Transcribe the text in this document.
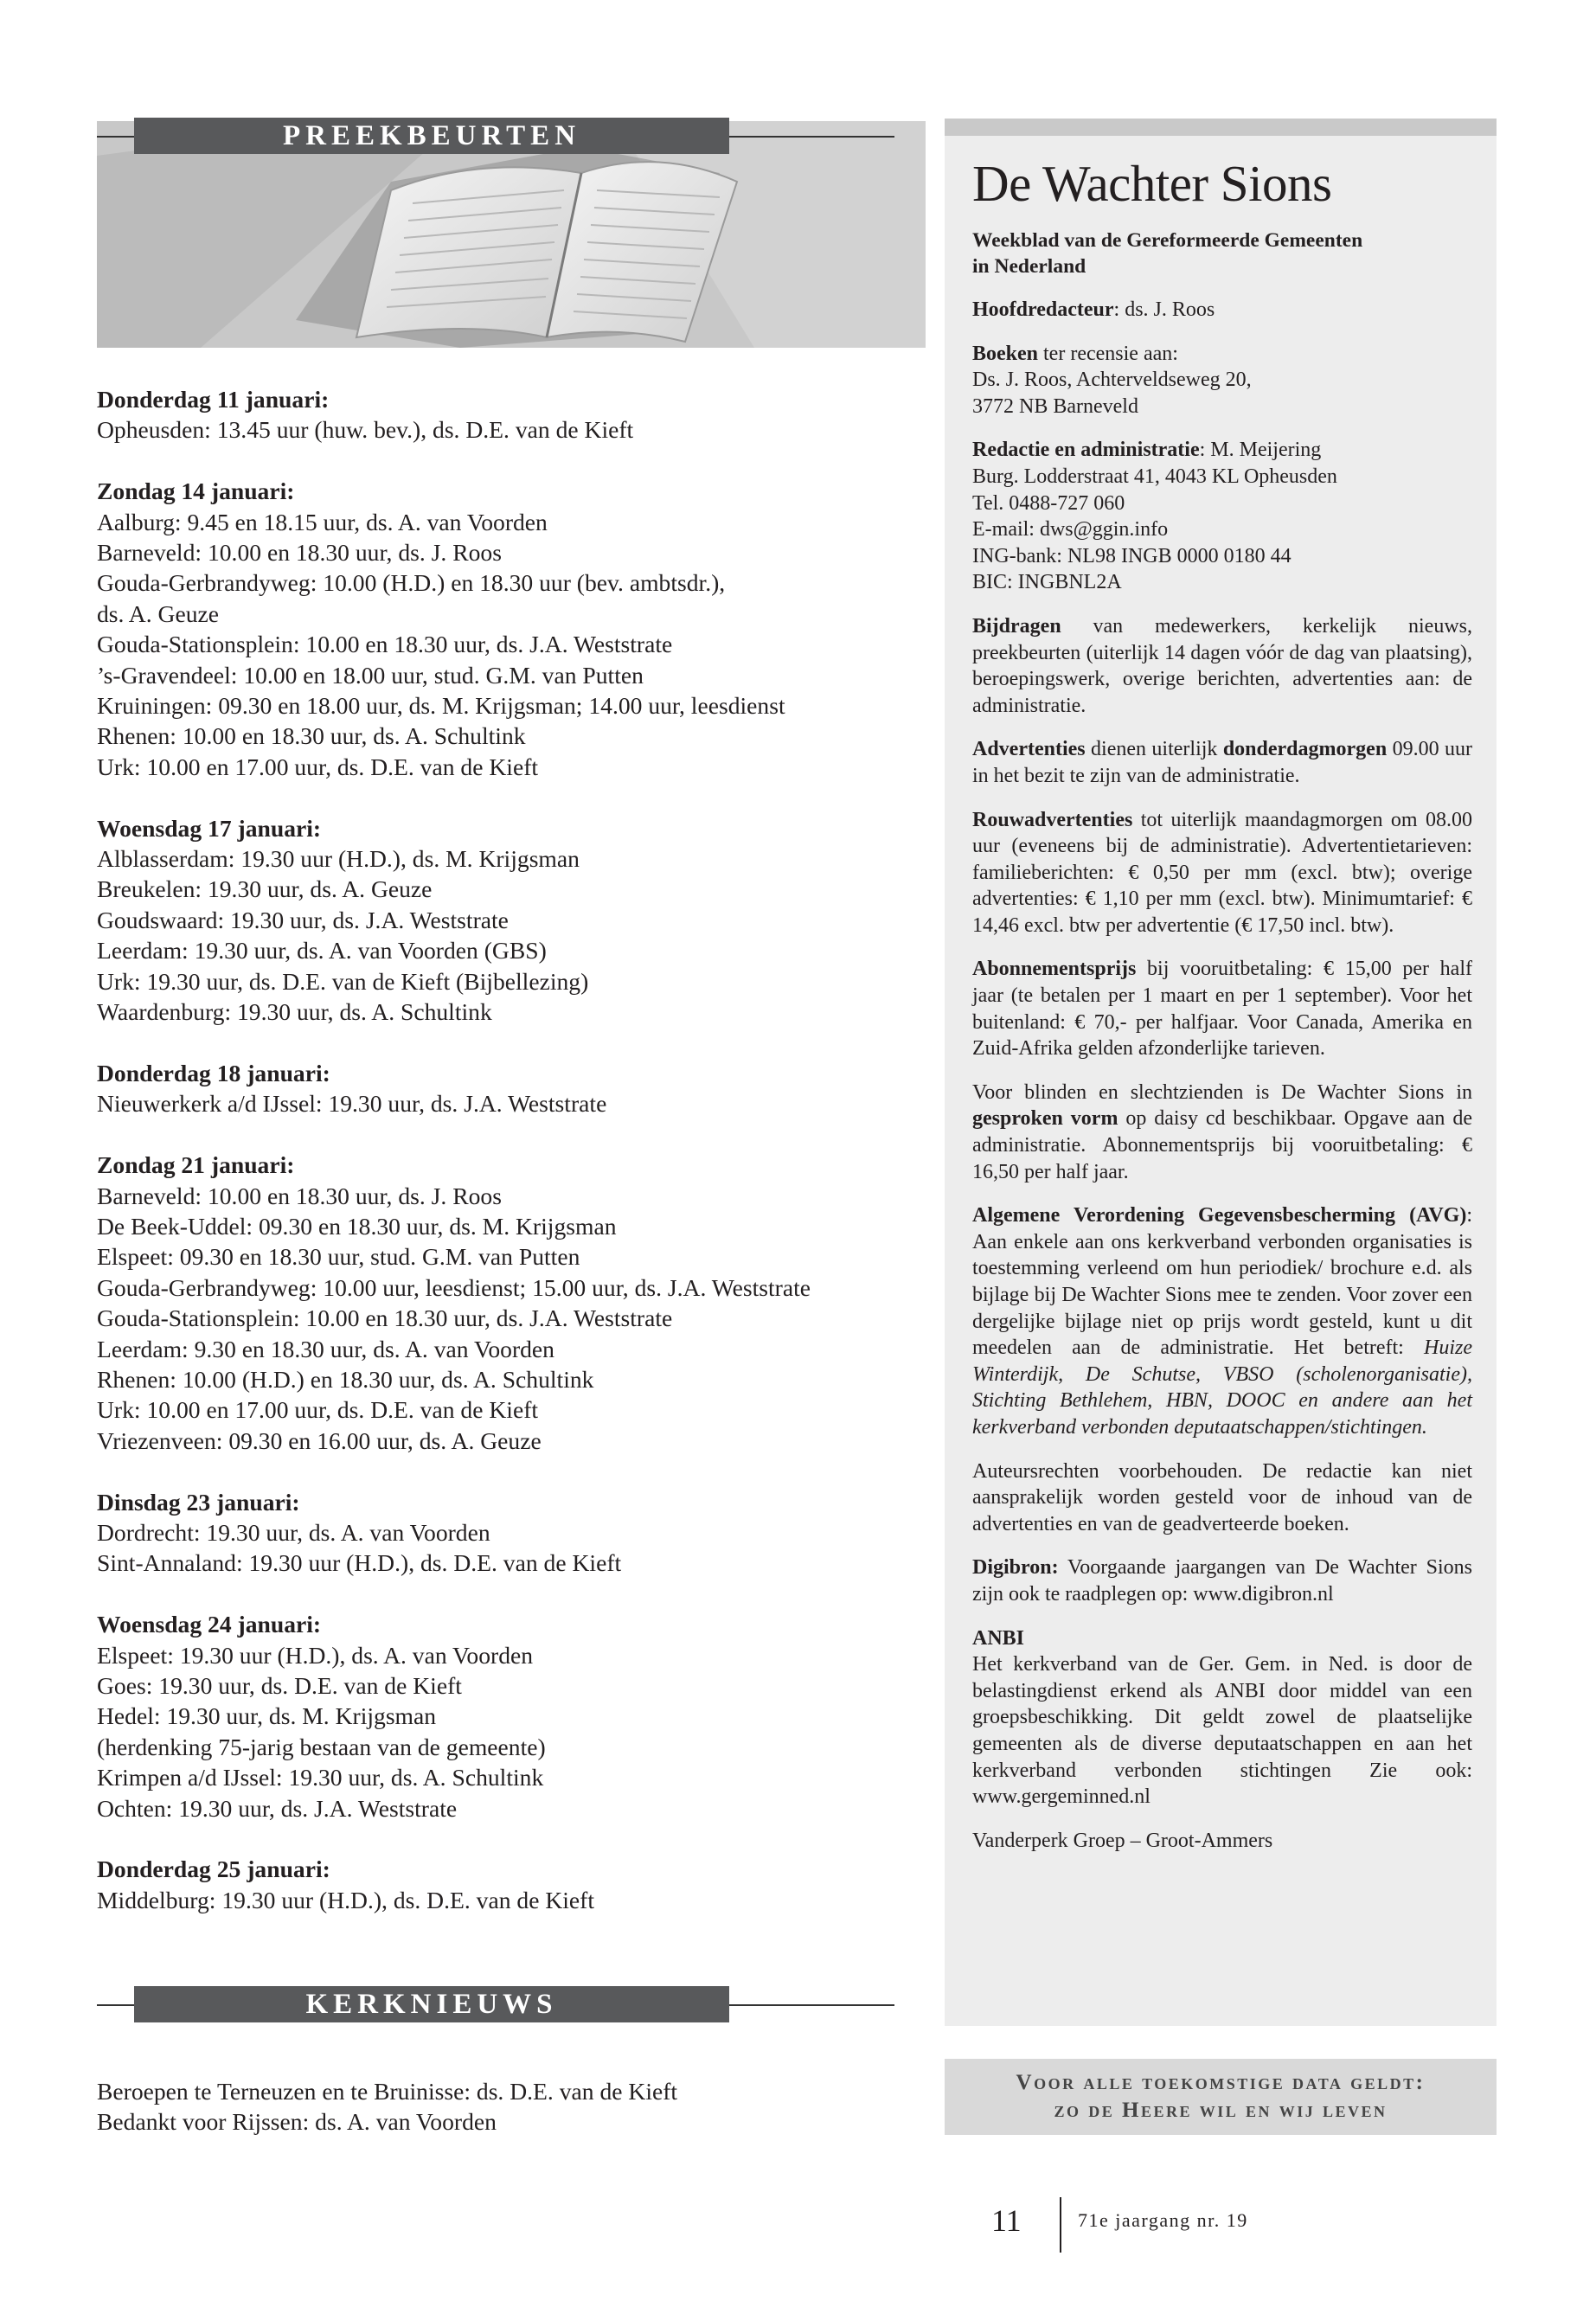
PREEKBEURTEN
Donderdag 11 januari:
Opheusden: 13.45 uur (huw. bev.), ds. D.E. van de Kieft
Zondag 14 januari:
Aalburg: 9.45 en 18.15 uur, ds. A. van Voorden
Barneveld: 10.00 en 18.30 uur, ds. J. Roos
Gouda-Gerbrandyweg: 10.00 (H.D.) en 18.30 uur (bev. ambtsdr.),
ds. A. Geuze
Gouda-Stationsplein: 10.00 en 18.30 uur, ds. J.A. Weststrate
’s-Gravendeel: 10.00 en 18.00 uur, stud. G.M. van Putten
Kruiningen: 09.30 en 18.00 uur, ds. M. Krijgsman; 14.00 uur, leesdienst
Rhenen: 10.00 en 18.30 uur, ds. A. Schultink
Urk: 10.00 en 17.00 uur, ds. D.E. van de Kieft
Woensdag 17 januari:
Alblasserdam: 19.30 uur (H.D.), ds. M. Krijgsman
Breukelen: 19.30 uur, ds. A. Geuze
Goudswaard: 19.30 uur, ds. J.A. Weststrate
Leerdam: 19.30 uur, ds. A. van Voorden (GBS)
Urk: 19.30 uur, ds. D.E. van de Kieft (Bijbellezing)
Waardenburg: 19.30 uur, ds. A. Schultink
Donderdag 18 januari:
Nieuwerkerk a/d IJssel: 19.30 uur, ds. J.A. Weststrate
Zondag 21 januari:
Barneveld: 10.00 en 18.30 uur, ds. J. Roos
De Beek-Uddel: 09.30 en 18.30 uur, ds. M. Krijgsman
Elspeet: 09.30 en 18.30 uur, stud. G.M. van Putten
Gouda-Gerbrandyweg: 10.00 uur, leesdienst; 15.00 uur, ds. J.A. Weststrate
Gouda-Stationsplein: 10.00 en 18.30 uur, ds. J.A. Weststrate
Leerdam: 9.30 en 18.30 uur, ds. A. van Voorden
Rhenen: 10.00 (H.D.) en 18.30 uur, ds. A. Schultink
Urk: 10.00 en 17.00 uur, ds. D.E. van de Kieft
Vriezenveen: 09.30 en 16.00 uur, ds. A. Geuze
Dinsdag 23 januari:
Dordrecht: 19.30 uur, ds. A. van Voorden
Sint-Annaland: 19.30 uur (H.D.), ds. D.E. van de Kieft
Woensdag 24 januari:
Elspeet: 19.30 uur (H.D.), ds. A. van Voorden
Goes: 19.30 uur, ds. D.E. van de Kieft
Hedel: 19.30 uur, ds. M. Krijgsman
(herdenking 75-jarig bestaan van de gemeente)
Krimpen a/d IJssel: 19.30 uur, ds. A. Schultink
Ochten: 19.30 uur, ds. J.A. Weststrate
Donderdag 25 januari:
Middelburg: 19.30 uur (H.D.), ds. D.E. van de Kieft
KERKNIEUWS
Beroepen te Terneuzen en te Bruinisse: ds. D.E. van de Kieft
Bedankt voor Rijssen: ds. A. van Voorden
De Wachter Sions
Weekblad van de Gereformeerde Gemeenten
in Nederland
Hoofdredacteur: ds. J. Roos
Boeken ter recensie aan:
Ds. J. Roos, Achterveldseweg 20,
3772 NB Barneveld
Redactie en administratie: M. Meijering
Burg. Lodderstraat 41, 4043 KL Opheusden
Tel. 0488-727 060
E-mail: dws@ggin.info
ING-bank: NL98 INGB 0000 0180 44
BIC: INGBNL2A
Bijdragen van medewerkers, kerkelijk nieuws, preekbeurten (uiterlijk 14 dagen vóór de dag van plaatsing), beroepingswerk, overige berichten, advertenties aan: de administratie.
Advertenties dienen uiterlijk donderdagmorgen 09.00 uur in het bezit te zijn van de administratie.
Rouwadvertenties tot uiterlijk maandagmorgen om 08.00 uur (eveneens bij de administratie). Advertentietarieven: familieberichten: € 0,50 per mm (excl. btw); overige advertenties: € 1,10 per mm (excl. btw). Minimumtarief: € 14,46 excl. btw per advertentie (€ 17,50 incl. btw).
Abonnementsprijs bij vooruitbetaling: € 15,00 per half jaar (te betalen per 1 maart en per 1 september). Voor het buitenland: € 70,- per halfjaar. Voor Canada, Amerika en Zuid-Afrika gelden afzonderlijke tarieven.
Voor blinden en slechtzienden is De Wachter Sions in gesproken vorm op daisy cd beschikbaar. Opgave aan de administratie. Abonnementsprijs bij vooruitbetaling: € 16,50 per half jaar.
Algemene Verordening Gegevensbescherming (AVG): Aan enkele aan ons kerkverband verbonden organisaties is toestemming verleend om hun periodiek/ brochure e.d. als bijlage bij De Wachter Sions mee te zenden. Voor zover een dergelijke bijlage niet op prijs wordt gesteld, kunt u dit meedelen aan de administratie. Het betreft: Huize Winterdijk, De Schutse, VBSO (scholenorganisatie), Stichting Bethlehem, HBN, DOOC en andere aan het kerkverband verbonden deputaatschappen/stichtingen.
Auteursrechten voorbehouden. De redactie kan niet aansprakelijk worden gesteld voor de inhoud van de advertenties en van de geadverteerde boeken.
Digibron: Voorgaande jaargangen van De Wachter Sions zijn ook te raadplegen op: www.digibron.nl
ANBI
Het kerkverband van de Ger. Gem. in Ned. is door de belastingdienst erkend als ANBI door middel van een groepsbeschikking. Dit geldt zowel de plaatselijke gemeenten als de diverse deputaatschappen en aan het kerkverband verbonden stichtingen Zie ook: www.gergeminned.nl
Vanderperk Groep – Groot-Ammers
Voor alle toekomstige data geldt:
zo de Heere wil en wij leven
11	71e jaargang nr. 19
